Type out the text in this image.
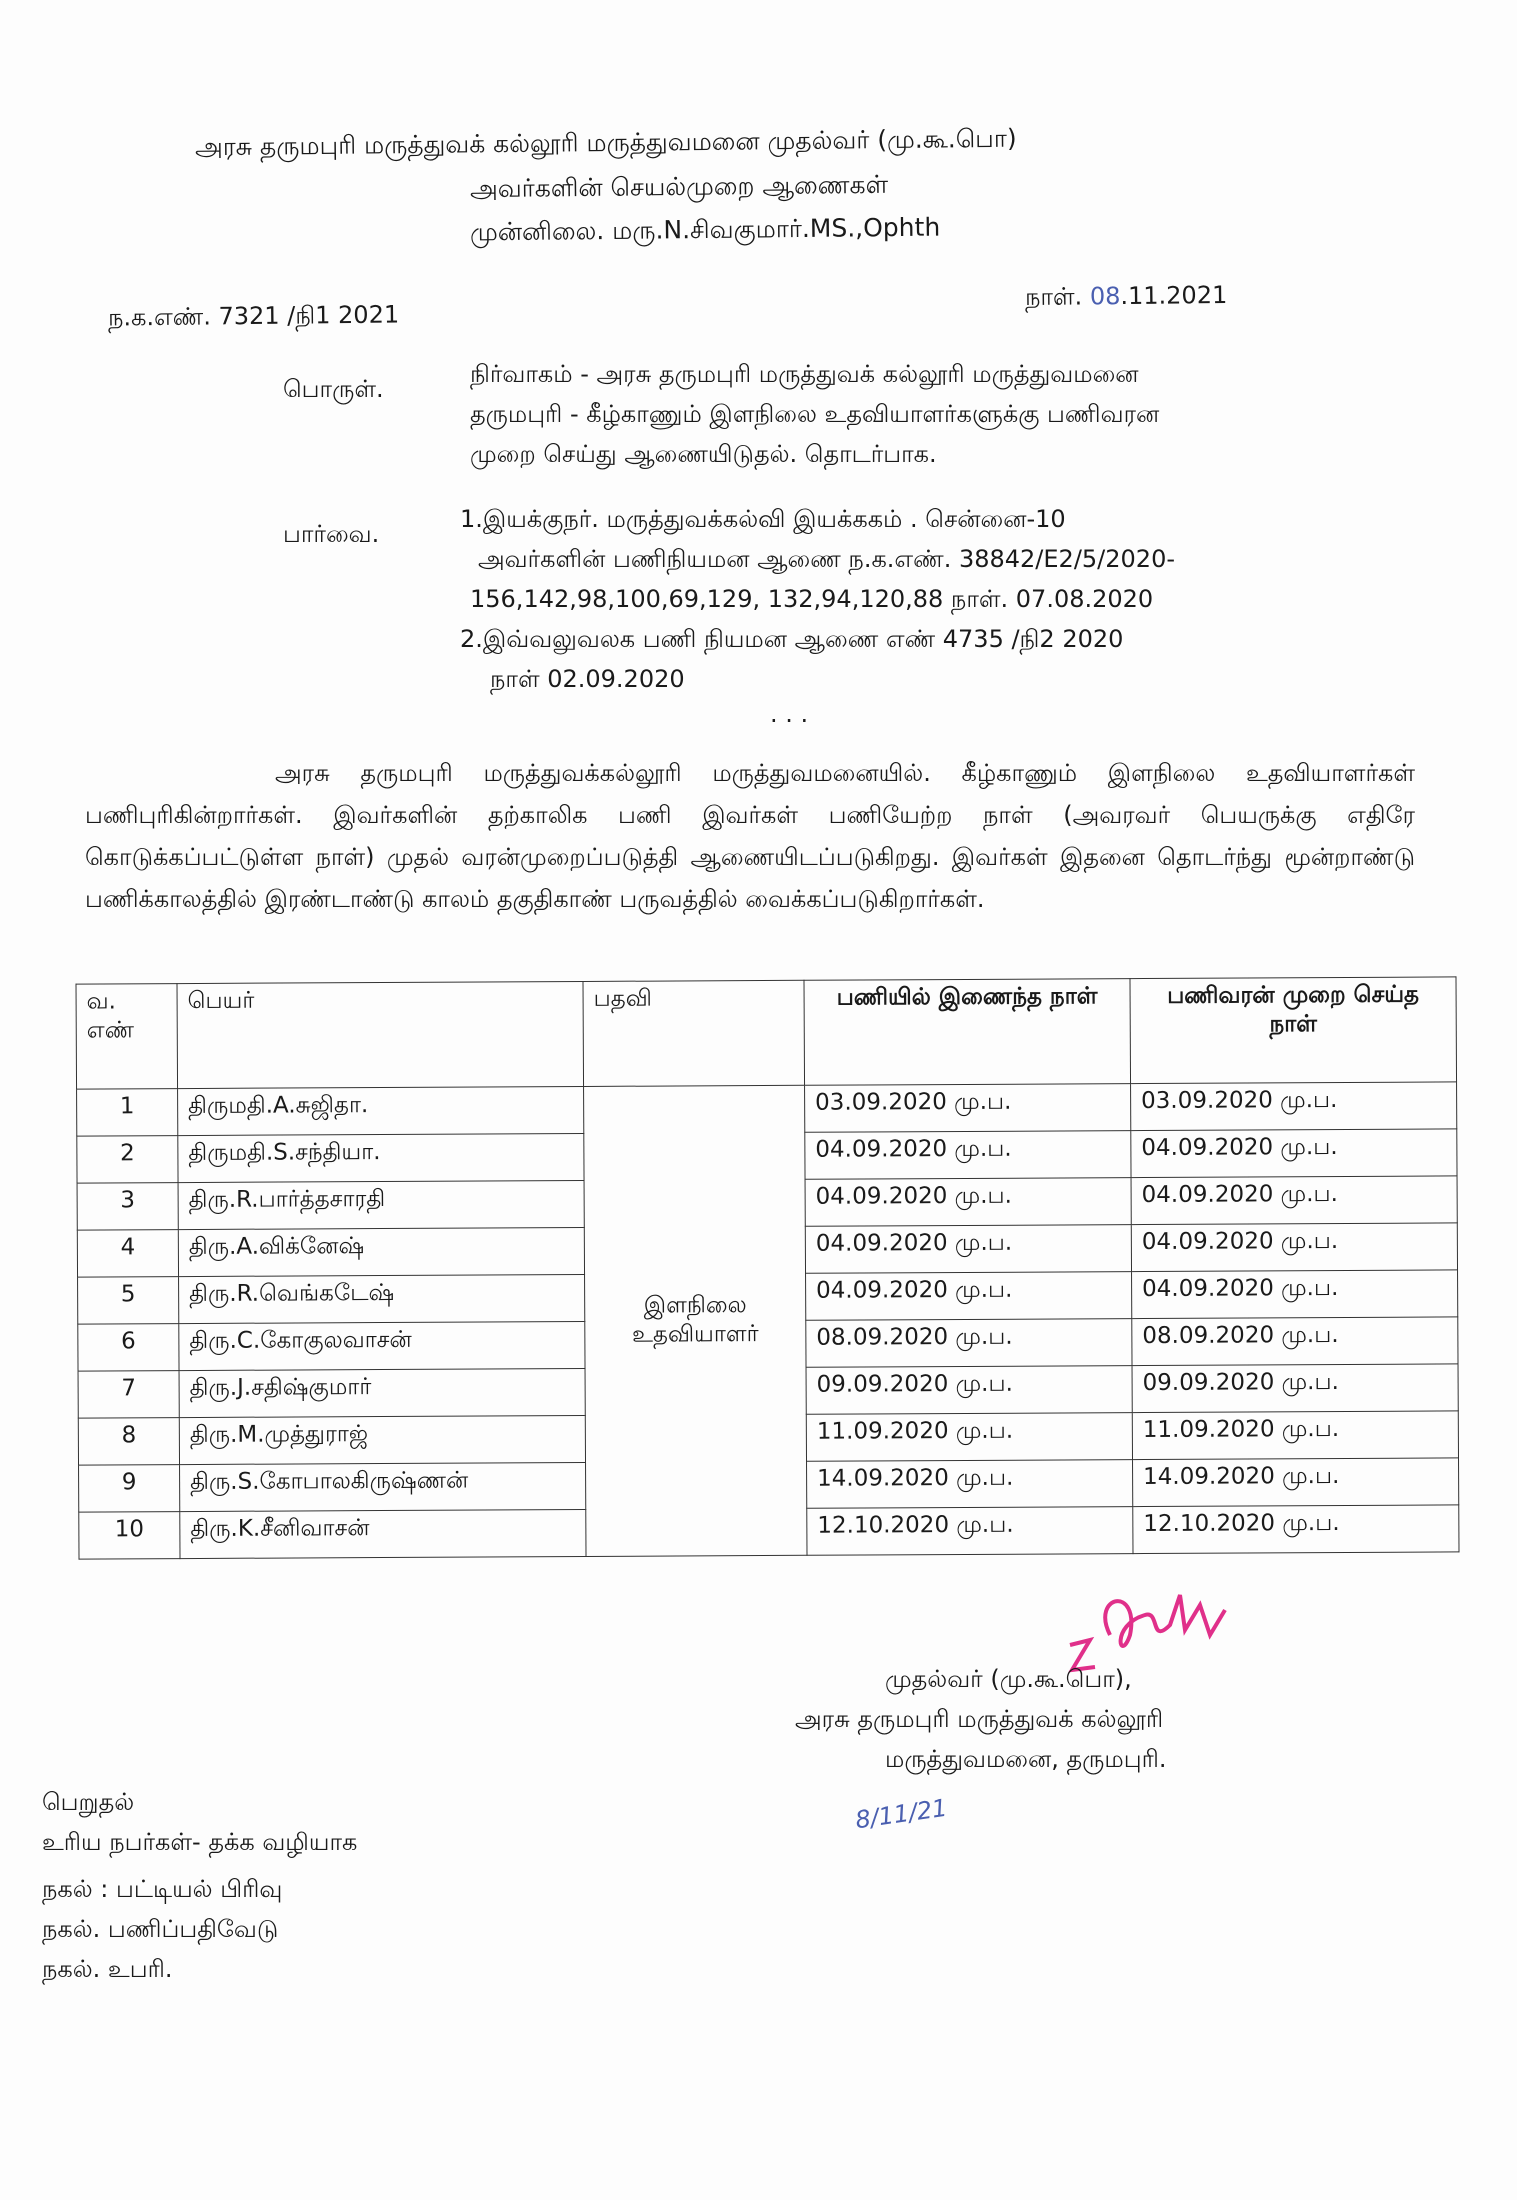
அரசு தருமபுரி மருத்துவக் கல்லூரி மருத்துவமனை முதல்வர் (மு.கூ.பொ)
அவர்களின் செயல்முறை ஆணைகள்
முன்னிலை. மரு.N.சிவகுமார்.MS.,Ophth
ந.க.எண். 7321 /நி1 2021
நாள். 08.11.2021
பொருள்.
நிர்வாகம் - அரசு தருமபுரி மருத்துவக் கல்லூரி மருத்துவமனை
தருமபுரி - கீழ்காணும் இளநிலை உதவியாளர்களுக்கு பணிவரன
முறை செய்து ஆணையிடுதல். தொடர்பாக.
பார்வை.
1.இயக்குநர். மருத்துவக்கல்வி இயக்ககம் . சென்னை-10
அவர்களின் பணிநியமன ஆணை ந.க.எண். 38842/E2/5/2020-
156,142,98,100,69,129, 132,94,120,88 நாள். 07.08.2020
2.இவ்வலுவலக பணி நியமன ஆணை எண் 4735 /நி2 2020
நாள் 02.09.2020
. . .
அரசு தருமபுரி மருத்துவக்கல்லூரி மருத்துவமனையில். கீழ்காணும் இளநிலை உதவியாளர்கள் பணிபுரிகின்றார்கள். இவர்களின் தற்காலிக பணி இவர்கள் பணியேற்ற நாள் (அவரவர் பெயருக்கு எதிரே கொடுக்கப்பட்டுள்ள நாள்) முதல் வரன்முறைப்படுத்தி ஆணையிடப்படுகிறது. இவர்கள் இதனை தொடர்ந்து மூன்றாண்டு பணிக்காலத்தில் இரண்டாண்டு காலம் தகுதிகாண் பருவத்தில் வைக்கப்படுகிறார்கள்.
வ. எண்	பெயர்	பதவி	பணியில் இணைந்த நாள்	பணிவரன் முறை செய்த நாள்
1	திருமதி.A.சுஜிதா.	இளநிலை உதவியாளர்	03.09.2020 மு.ப.	03.09.2020 மு.ப.
2	திருமதி.S.சந்தியா.		04.09.2020 மு.ப.	04.09.2020 மு.ப.
3	திரு.R.பார்த்தசாரதி		04.09.2020 மு.ப.	04.09.2020 மு.ப.
4	திரு.A.விக்னேஷ்		04.09.2020 மு.ப.	04.09.2020 மு.ப.
5	திரு.R.வெங்கடேஷ்		04.09.2020 மு.ப.	04.09.2020 மு.ப.
6	திரு.C.கோகுலவாசன்		08.09.2020 மு.ப.	08.09.2020 மு.ப.
7	திரு.J.சதிஷ்குமார்		09.09.2020 மு.ப.	09.09.2020 மு.ப.
8	திரு.M.முத்துராஜ்		11.09.2020 மு.ப.	11.09.2020 மு.ப.
9	திரு.S.கோபாலகிருஷ்ணன்		14.09.2020 மு.ப.	14.09.2020 மு.ப.
10	திரு.K.சீனிவாசன்		12.10.2020 மு.ப.	12.10.2020 மு.ப.
முதல்வர் (மு.கூ.பொ),
அரசு தருமபுரி மருத்துவக் கல்லூரி
மருத்துவமனை, தருமபுரி.
8/11/21
பெறுதல்
உரிய நபர்கள்- தக்க வழியாக
நகல் : பட்டியல் பிரிவு
நகல். பணிப்பதிவேடு
நகல். உபரி.
